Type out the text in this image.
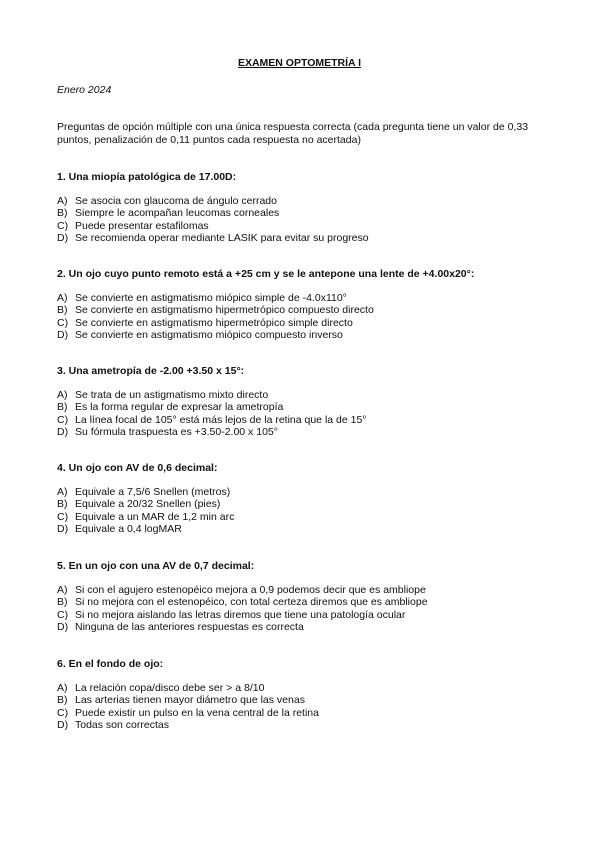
EXAMEN OPTOMETRÍA I
Enero 2024
Preguntas de opción múltiple con una única respuesta correcta (cada pregunta tiene un valor de 0,33 puntos, penalización de 0,11 puntos cada respuesta no acertada)
1. Una miopía patológica de 17.00D:
A) Se asocia con glaucoma de ángulo cerrado
B) Siempre le acompañan leucomas corneales
C) Puede presentar estafilomas
D) Se recomienda operar mediante LASIK para evitar su progreso
2. Un ojo cuyo punto remoto está a +25 cm y se le antepone una lente de +4.00x20°:
A) Se convierte en astigmatismo miópico simple de -4.0x110°
B) Se convierte en astigmatismo hipermetrópico compuesto directo
C) Se convierte en astigmatismo hipermetrópico simple directo
D) Se convierte en astigmatismo miópico compuesto inverso
3. Una ametropía de -2.00 +3.50 x 15°:
A) Se trata de un astigmatismo mixto directo
B) Es la forma regular de expresar la ametropía
C) La línea focal de 105° está más lejos de la retina que la de 15°
D) Su fórmula traspuesta es +3.50-2.00 x 105°
4. Un ojo con AV de 0,6 decimal:
A) Equivale a 7,5/6 Snellen (metros)
B) Equivale a 20/32 Snellen (pies)
C) Equivale a un MAR de 1,2 min arc
D) Equivale a 0,4 logMAR
5. En un ojo con una AV de 0,7 decimal:
A) Si con el agujero estenopéico mejora a 0,9 podemos decir que es ambliope
B) Si no mejora con el estenopéico, con total certeza diremos que es ambliope
C) Si no mejora aislando las letras diremos que tiene una patología ocular
D) Ninguna de las anteriores respuestas es correcta
6. En el fondo de ojo:
A) La relación copa/disco debe ser > a 8/10
B) Las arterias tienen mayor diámetro que las venas
C) Puede existir un pulso en la vena central de la retina
D) Todas son correctas
